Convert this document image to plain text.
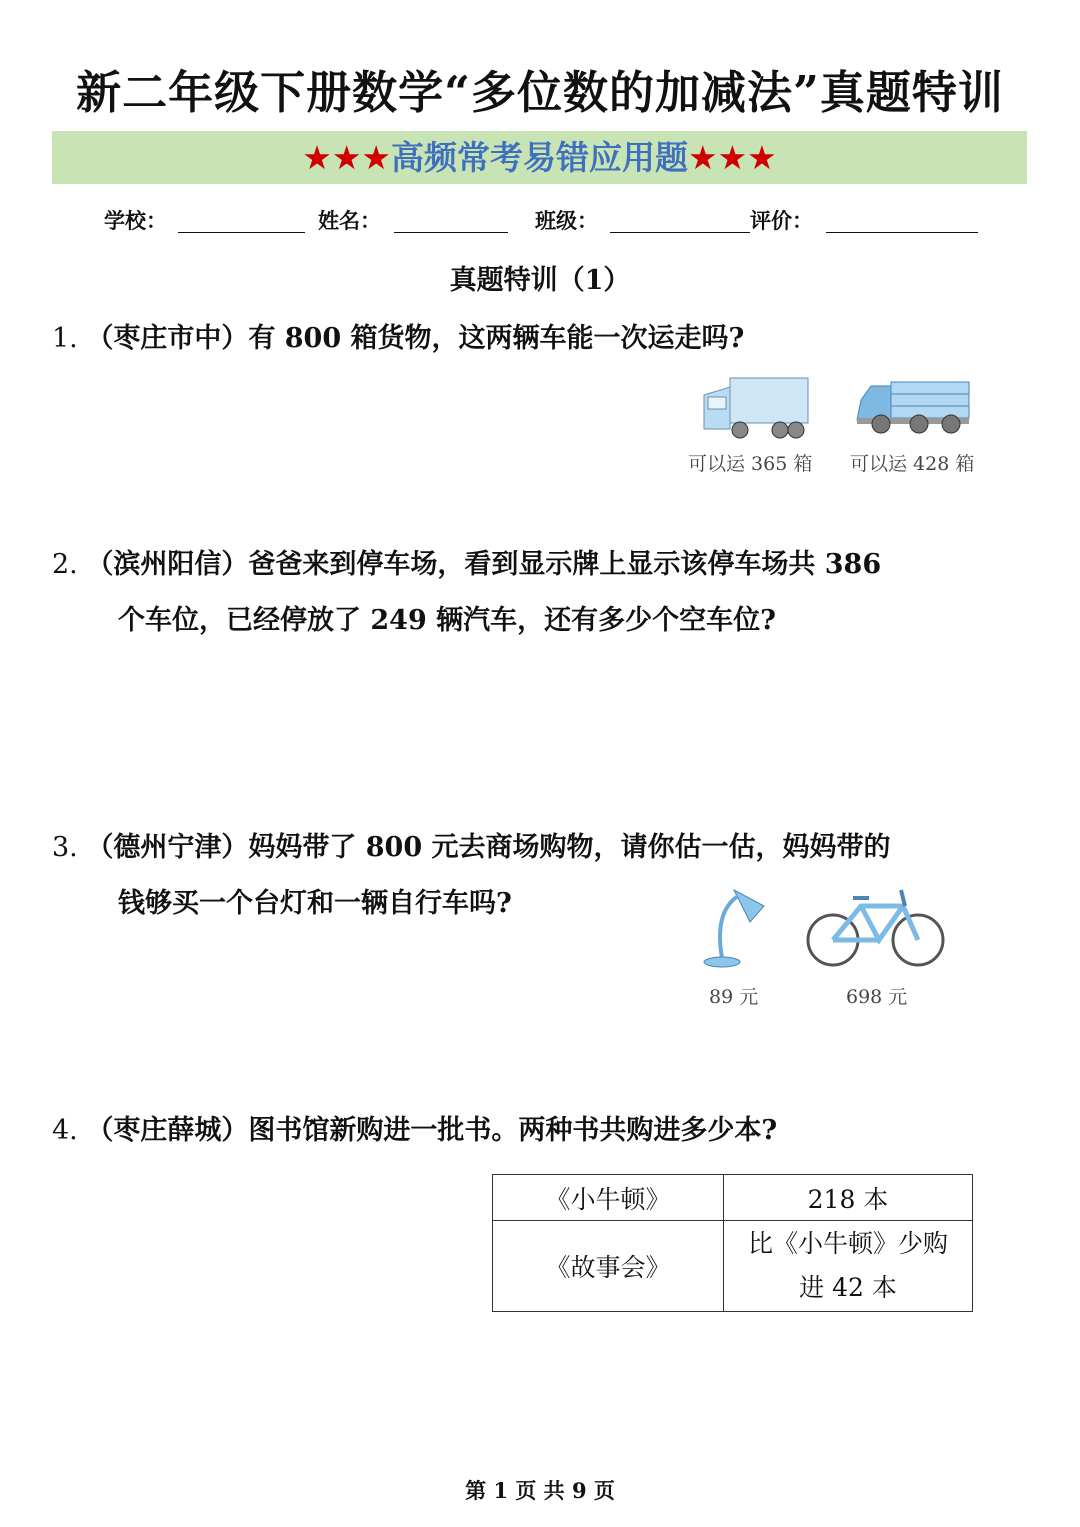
新二年级下册数学“多位数的加减法”真题特训
★★★高频常考易错应用题★★★
学校：	姓名：	班级：	评价：
真题特训（1）
1. （枣庄市中）有 800 箱货物，这两辆车能一次运走吗?
可以运 365 箱 可以运 428 箱
2. （滨州阳信）爸爸来到停车场，看到显示牌上显示该停车场共 386
个车位，已经停放了 249 辆汽车，还有多少个空车位?
3. （德州宁津）妈妈带了 800 元去商场购物，请你估一估，妈妈带的
钱够买一个台灯和一辆自行车吗?
89 元	698 元
4. （枣庄薛城）图书馆新购进一批书。两种书共购进多少本?
《小牛顿》	218 本
《故事会》	比《小牛顿》少购
进 42 本
第 1 页 共 9 页
